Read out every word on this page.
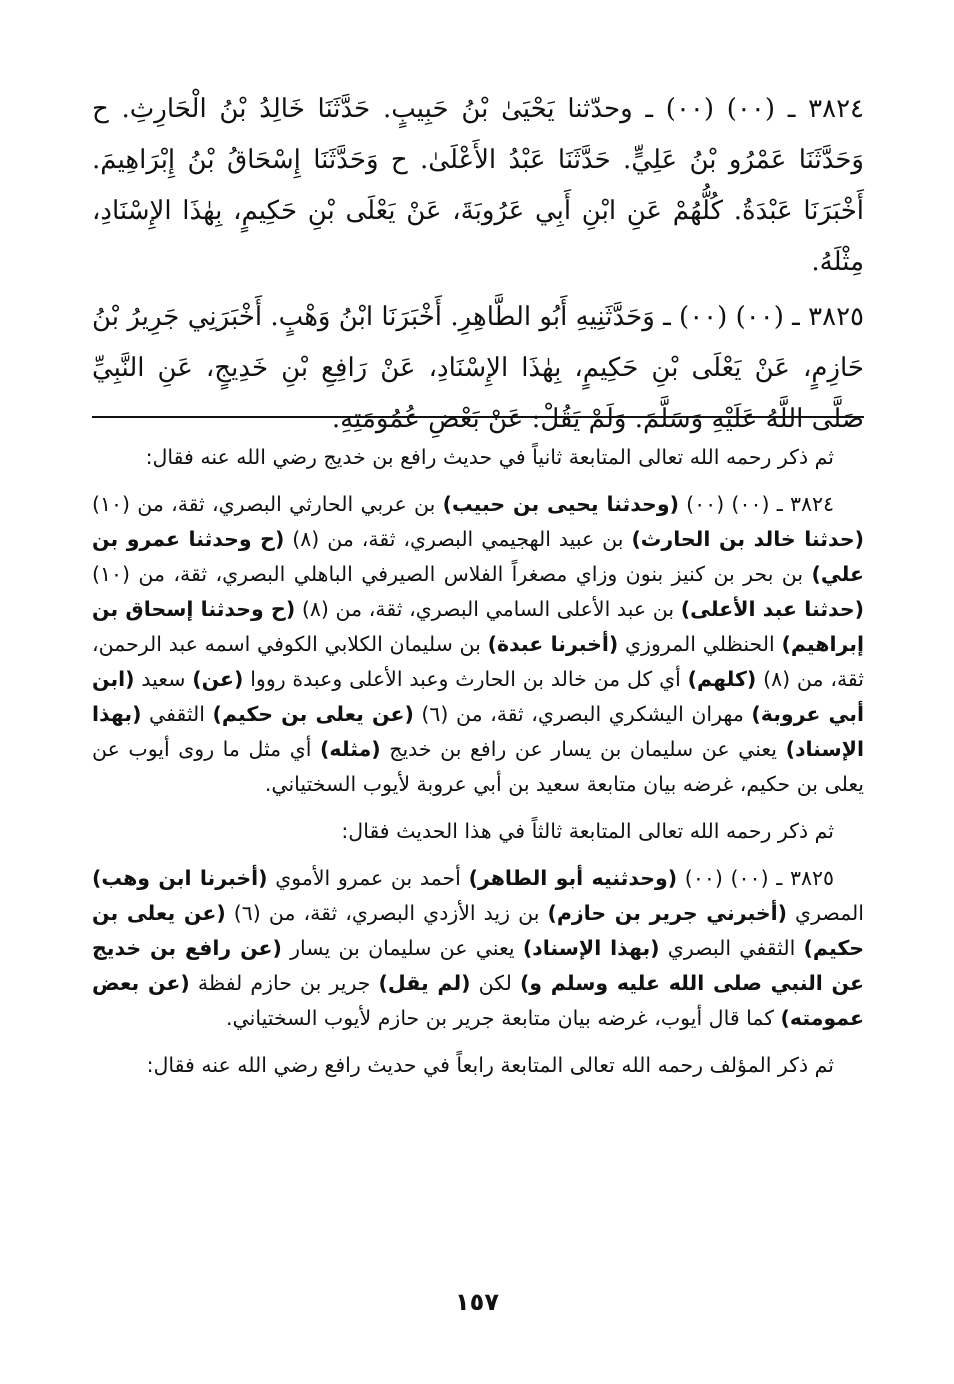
٣٨٢٤ ـ (٠٠) (٠٠) ـ وحدّثنا يَحْيَىٰ بْنُ حَبِيبٍ. حَدَّثَنَا خَالِدُ بْنُ الْحَارِثِ. ح وَحَدَّثَنَا عَمْرُو بْنُ عَلِيٍّ. حَدَّثَنَا عَبْدُ الأَعْلَىٰ. ح وَحَدَّثَنَا إِسْحَاقُ بْنُ إِبْرَاهِيمَ. أَخْبَرَنَا عَبْدَةُ. كُلُّهُمْ عَنِ ابْنِ أَبِي عَرُوبَةَ، عَنْ يَعْلَى بْنِ حَكِيمٍ، بِهٰذَا الإِسْنَادِ، مِثْلَهُ.

٣٨٢٥ ـ (٠٠) (٠٠) ـ وَحَدَّثَنِيهِ أَبُو الطَّاهِرِ. أَخْبَرَنَا ابْنُ وَهْبٍ. أَخْبَرَنِي جَرِيرُ بْنُ حَازِمٍ، عَنْ يَعْلَى بْنِ حَكِيمٍ، بِهٰذَا الإِسْنَادِ، عَنْ رَافِعِ بْنِ خَدِيجٍ، عَنِ النَّبِيِّ صَلَّى اللَّهُ عَلَيْهِ وَسَلَّمَ. وَلَمْ يَقُلْ: عَنْ بَعْضِ عُمُومَتِهِ.

ثم ذكر رحمه الله تعالى المتابعة ثانياً في حديث رافع بن خديج رضي الله عنه فقال:

٣٨٢٤ ـ (٠٠) (٠٠) (وحدثنا يحيى بن حبيب) بن عربي الحارثي البصري، ثقة، من (١٠) (حدثنا خالد بن الحارث) بن عبيد الهجيمي البصري، ثقة، من (٨) (ح وحدثنا عمرو بن علي) بن بحر بن كنيز بنون وزاي مصغراً الفلاس الصيرفي الباهلي البصري، ثقة، من (١٠) (حدثنا عبد الأعلى) بن عبد الأعلى السامي البصري، ثقة، من (٨) (ح وحدثنا إسحاق بن إبراهيم) الحنظلي المروزي (أخبرنا عبدة) بن سليمان الكلابي الكوفي اسمه عبد الرحمن، ثقة، من (٨) (كلهم) أي كل من خالد بن الحارث وعبد الأعلى وعبدة رووا (عن) سعيد (ابن أبي عروبة) مهران اليشكري البصري، ثقة، من (٦) (عن يعلى بن حكيم) الثقفي (بهذا الإسناد) يعني عن سليمان بن يسار عن رافع بن خديج (مثله) أي مثل ما روى أيوب عن يعلى بن حكيم، غرضه بيان متابعة سعيد بن أبي عروبة لأيوب السختياني.

ثم ذكر رحمه الله تعالى المتابعة ثالثاً في هذا الحديث فقال:

٣٨٢٥ ـ (٠٠) (٠٠) (وحدثنيه أبو الطاهر) أحمد بن عمرو الأموي (أخبرنا ابن وهب) المصري (أخبرني جرير بن حازم) بن زيد الأزدي البصري، ثقة، من (٦) (عن يعلى بن حكيم) الثقفي البصري (بهذا الإسناد) يعني عن سليمان بن يسار (عن رافع بن خديج عن النبي صلى الله عليه وسلم و) لكن (لم يقل) جرير بن حازم لفظة (عن بعض عمومته) كما قال أيوب، غرضه بيان متابعة جرير بن حازم لأيوب السختياني.

ثم ذكر المؤلف رحمه الله تعالى المتابعة رابعاً في حديث رافع رضي الله عنه فقال:

١٥٧
